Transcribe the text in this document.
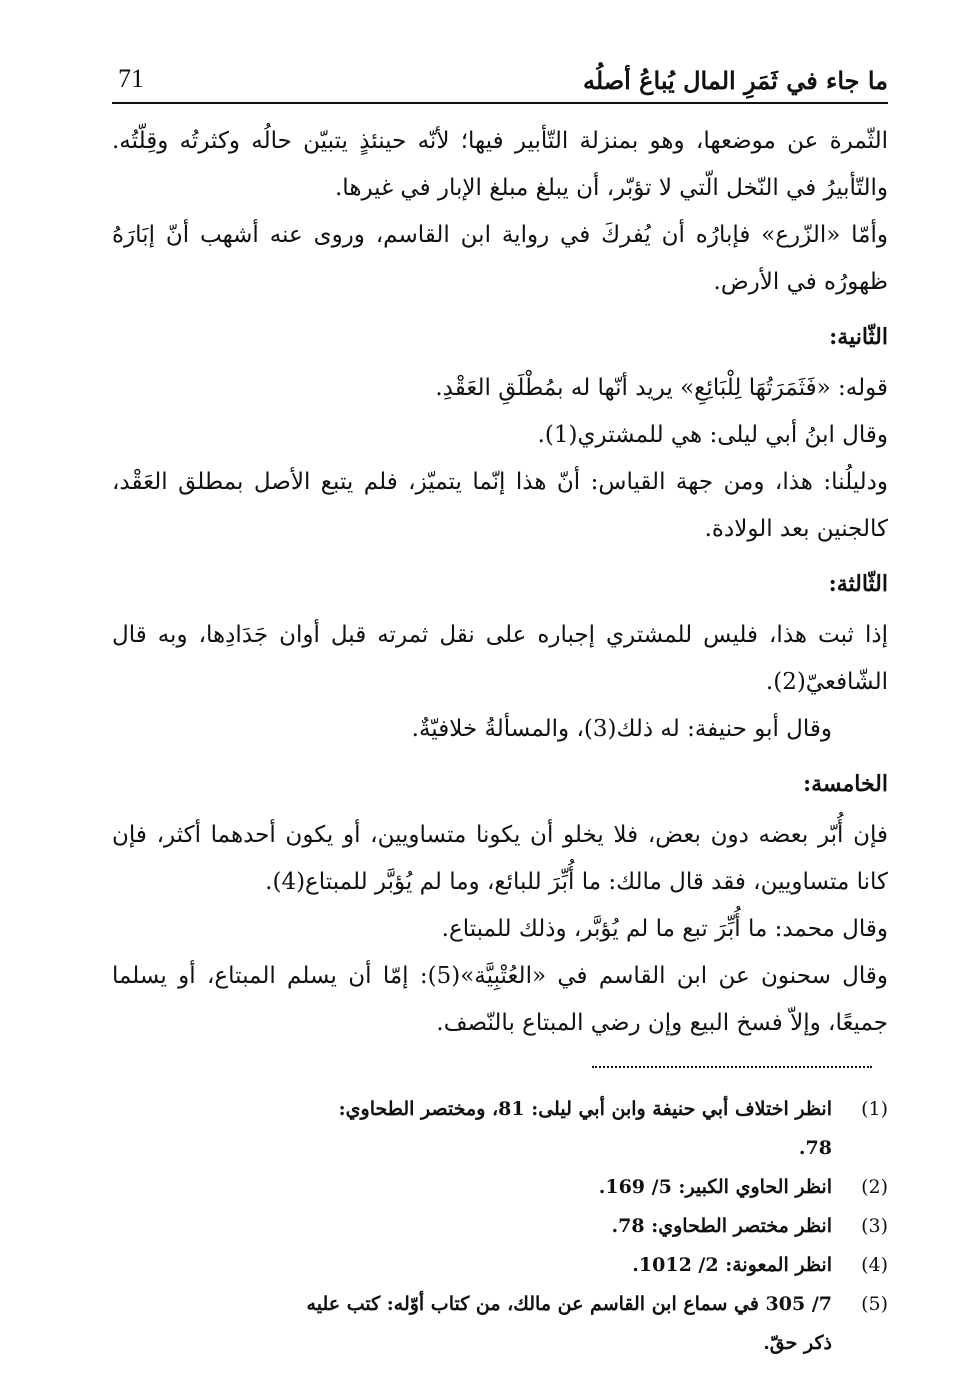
71	ما جاء في ثَمَرِ المال يُباعُ أصلُه

الثّمرة عن موضعها، وهو بمنزلة التّأبير فيها؛ لأنّه حينئذٍ يتبيّن حالُه وكثرتُه وقِلّتُه. والتّأبيرُ في النّخل الّتي لا تؤبّر، أن يبلغ مبلغ الإبار في غيرها.

وأمّا «الزّرع» فإبارُه أن يُفركَ في رواية ابن القاسم، وروى عنه أشهب أنّ إبَارَهُ ظهورُه في الأرض.

الثّانية:

قوله: «فَثَمَرَتُهَا لِلْبَائِعِ» يريد أنّها له بمُطْلَقِ العَقْدِ.

وقال ابنُ أبي ليلى: هي للمشتري(1).

ودليلُنا: هذا، ومن جهة القياس: أنّ هذا إنّما يتميّز، فلم يتبع الأصل بمطلق العَقْد، كالجنين بعد الولادة.

الثّالثة:

إذا ثبت هذا، فليس للمشتري إجباره على نقل ثمرته قبل أوان جَدَادِها، وبه قال الشّافعيّ(2).

وقال أبو حنيفة: له ذلك(3)، والمسألةُ خلافيّةٌ.

الخامسة:

فإن أُبّر بعضه دون بعض، فلا يخلو أن يكونا متساويين، أو يكون أحدهما أكثر، فإن كانا متساويين، فقد قال مالك: ما أُبِّرَ للبائع، وما لم يُؤبَّر للمبتاع(4).

وقال محمد: ما أُبِّرَ تبع ما لم يُؤبَّر، وذلك للمبتاع.

وقال سحنون عن ابن القاسم في «العُتْبِيَّة»(5): إمّا أن يسلم المبتاع، أو يسلما جميعًا، وإلاّ فسخ البيع وإن رضي المبتاع بالنّصف.

(1)
انظر اختلاف أبي حنيفة وابن أبي ليلى: 81، ومختصر الطحاوي: 78.
(2)
انظر الحاوي الكبير: 5/ 169.
(3)
انظر مختصر الطحاوي: 78.
(4)
انظر المعونة: 2/ 1012.
(5)
7/ 305 في سماع ابن القاسم عن مالك، من كتاب أوّله: كتب عليه ذكر حقّ.
